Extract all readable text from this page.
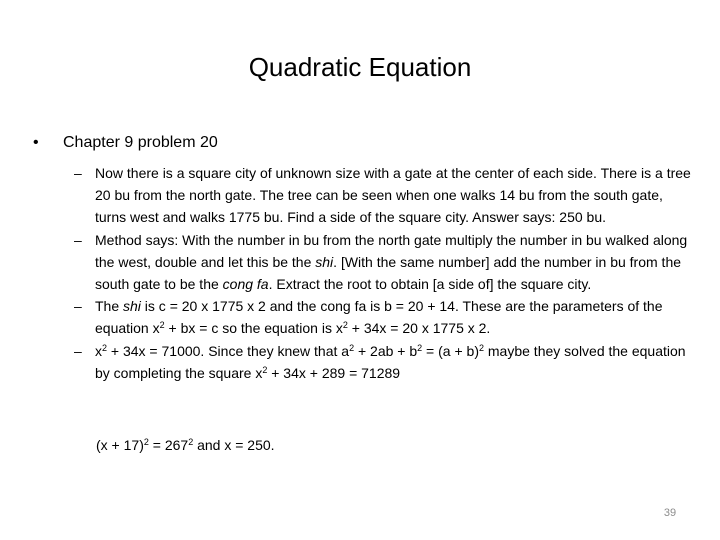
Quadratic Equation
• Chapter 9 problem 20
– Now there is a square city of unknown size with a gate at the center of each side. There is a tree 20 bu from the north gate. The tree can be seen when one walks 14 bu from the south gate, turns west and walks 1775 bu. Find a side of the square city. Answer says: 250 bu.
– Method says: With the number in bu from the north gate multiply the number in bu walked along the west, double and let this be the shi. [With the same number] add the number in bu from the south gate to be the cong fa. Extract the root to obtain [a side of] the square city.
– The shi is c = 20 x 1775 x 2 and the cong fa is b = 20 + 14. These are the parameters of the equation $x^2$ + bx = c so the equation is $x^2 + 34x = 20$ x 1775 x 2.
– $x^2 + 34x = 71000$. Since they knew that $a^2 + 2ab + b^2 = (a + b)^2$ maybe they solved the equation by completing the square $x^2 + 34x + 289 = 71289$
$(x + 17)^2 = 267^2$ and x = 250.
39
